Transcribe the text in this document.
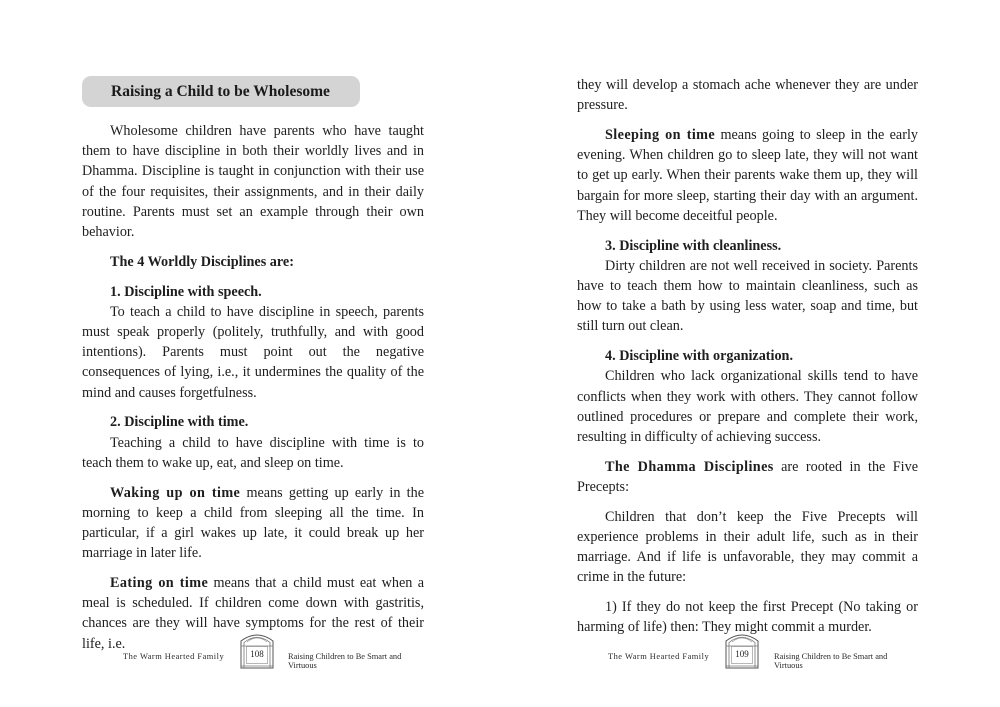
Raising a Child to be Wholesome

Wholesome children have parents who have taught them to have discipline in both their worldly lives and in Dhamma. Discipline is taught in conjunction with their use of the four requisites, their assignments, and in their daily routine. Parents must set an example through their own behavior.

The 4 Worldly Disciplines are:

1. Discipline with speech.

To teach a child to have discipline in speech, parents must speak properly (politely, truthfully, and with good intentions). Parents must point out the negative consequences of lying, i.e., it undermines the quality of the mind and causes forgetfulness.

2. Discipline with time.

Teaching a child to have discipline with time is to teach them to wake up, eat, and sleep on time.

Waking up on time means getting up early in the morning to keep a child from sleeping all the time. In particular, if a girl wakes up late, it could break up her marriage in later life.

Eating on time means that a child must eat when a meal is scheduled. If children come down with gastritis, chances are they will have symptoms for the rest of their life, i.e.

The Warm Hearted Family	108	Raising Children to Be Smart and Virtuous

they will develop a stomach ache whenever they are under pressure.

Sleeping on time means going to sleep in the early evening. When children go to sleep late, they will not want to get up early. When their parents wake them up, they will bargain for more sleep, starting their day with an argument. They will become deceitful people.

3. Discipline with cleanliness.

Dirty children are not well received in society. Parents have to teach them how to maintain cleanliness, such as how to take a bath by using less water, soap and time, but still turn out clean.

4. Discipline with organization.

Children who lack organizational skills tend to have conflicts when they work with others. They cannot follow outlined procedures or prepare and complete their work, resulting in difficulty of achieving success.

The Dhamma Disciplines are rooted in the Five Precepts:

Children that don’t keep the Five Precepts will experience problems in their adult life, such as in their marriage. And if life is unfavorable, they may commit a crime in the future:

1) If they do not keep the first Precept (No taking or harming of life) then: They might commit a murder.

The Warm Hearted Family	109	Raising Children to Be Smart and Virtuous
